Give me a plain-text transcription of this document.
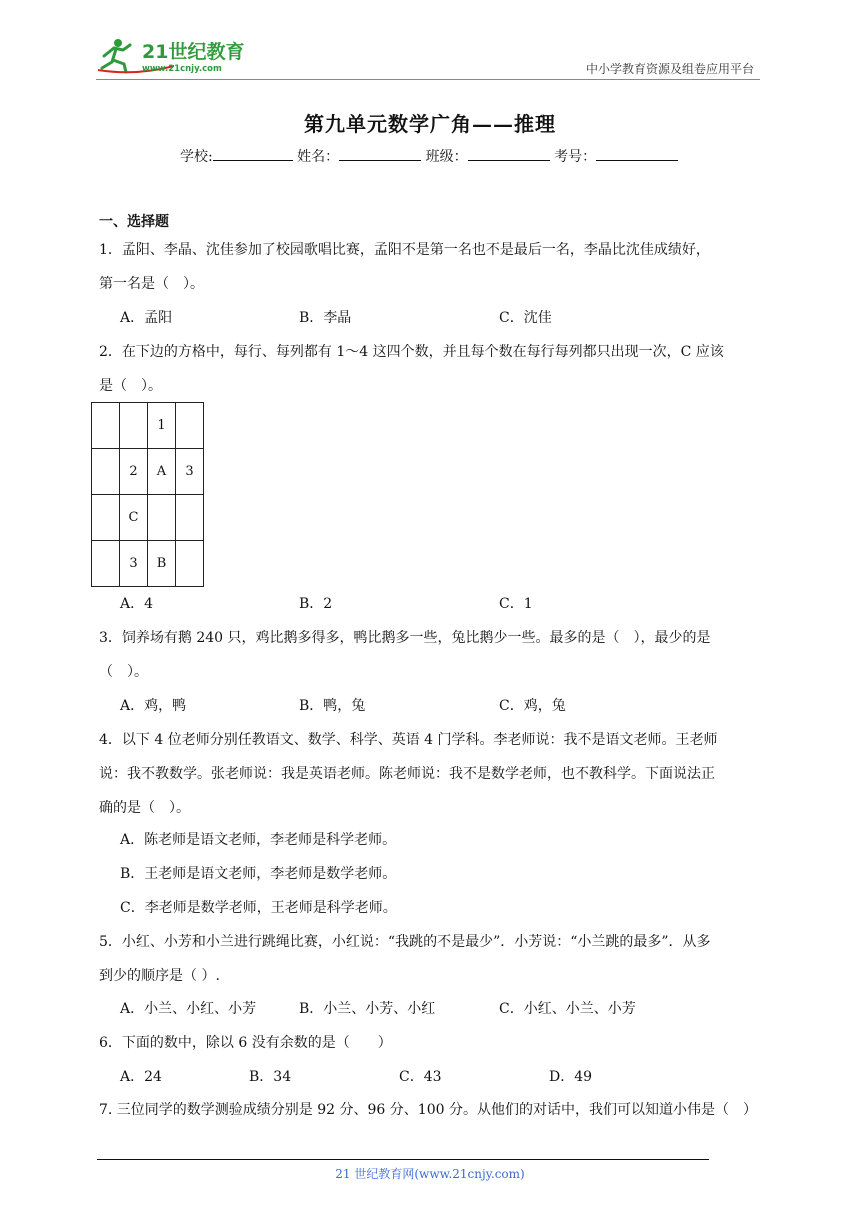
21世纪教育
www.21cnjy.com	中小学教育资源及组卷应用平台
第九单元数学广角——推理
学校:	姓名：	班级：	考号：
一、选择题
1．孟阳、李晶、沈佳参加了校园歌唱比赛，孟阳不是第一名也不是最后一名，李晶比沈佳成绩好，
第一名是（　）。
A．孟阳	B．李晶	C．沈佳
2．在下边的方格中，每行、每列都有 1～4 这四个数，并且每个数在每行每列都只出现一次，C 应该
是（　）。
		1	
	2	A	3
	C		
	3	B	
A．4	B．2	C．1
3．饲养场有鹅 240 只，鸡比鹅多得多，鸭比鹅多一些，兔比鹅少一些。最多的是（　），最少的是
（　）。
A．鸡，鸭	B．鸭，兔	C．鸡，兔
4．以下 4 位老师分别任教语文、数学、科学、英语 4 门学科。李老师说：我不是语文老师。王老师
说：我不教数学。张老师说：我是英语老师。陈老师说：我不是数学老师，也不教科学。下面说法正
确的是（　）。
A．陈老师是语文老师，李老师是科学老师。
B．王老师是语文老师，李老师是数学老师。
C．李老师是数学老师，王老师是科学老师。
5．小红、小芳和小兰进行跳绳比赛，小红说：“我跳的不是最少”．小芳说：“小兰跳的最多”．从多
到少的顺序是（ ）.
A．小兰、小红、小芳	B．小兰、小芳、小红	C．小红、小兰、小芳
6．下面的数中，除以 6 没有余数的是（　　）
A．24	B．34	C．43	D．49
7. 三位同学的数学测验成绩分别是 92 分、96 分、100 分。从他们的对话中，我们可以知道小伟是（　）
21 世纪教育网(www.21cnjy.com)
